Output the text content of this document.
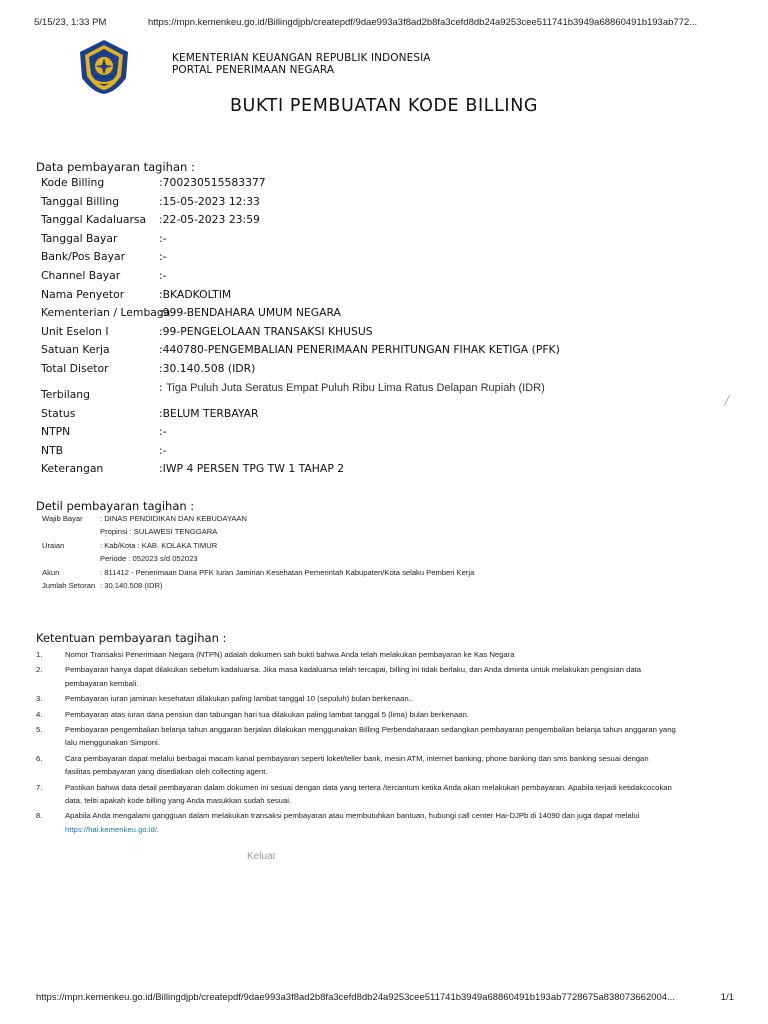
5/15/23, 1:33 PM	https://mpn.kemenkeu.go.id/Billingdjpb/createpdf/9dae993a3f8ad2b8fa3cefd8db24a9253cee511741b3949a68860491b193ab772...
KEMENTERIAN KEUANGAN REPUBLIK INDONESIA
PORTAL PENERIMAAN NEGARA
BUKTI PEMBUATAN KODE BILLING
Data pembayaran tagihan :
Kode Billing	:700230515583377
Tanggal Billing	:15-05-2023 12:33
Tanggal Kadaluarsa :22-05-2023 23:59
Tanggal Bayar	:-
Bank/Pos Bayar	:-
Channel Bayar	:-
Nama Penyetor	:BKADKOLTIM
Kementerian / Lembaga
:999-BENDAHARA UMUM NEGARA
Unit Eselon I	:99-PENGELOLAAN TRANSAKSI KHUSUS
Satuan Kerja	:440780-PENGEMBALIAN PENERIMAAN PERHITUNGAN FIHAK KETIGA (PFK)
Total Disetor	:30.140.508 (IDR)
Terbilang
: Tiga Puluh Juta Seratus Empat Puluh Ribu Lima Ratus Delapan Rupiah (IDR)
╱
Status	:BELUM TERBAYAR
NTPN	:-
NTB	:-
Keterangan	:IWP 4 PERSEN TPG TW 1 TAHAP 2
Detil pembayaran tagihan :
Wajib Bayar : DINAS PENDIDIKAN DAN KEBUDAYAAN
Propinsi : SULAWESI TENGGARA
Uraian	: Kab/Kota : KAB. KOLAKA TIMUR
Periode : 052023 s/d 052023
Akun	: 811412 - Penerimaan Dana PFK Iuran Jaminan Kesehatan Pemerintah Kabupaten/Kota selaku Pemberi Kerja
Jumlah Setoran : 30.140.508 (IDR)
Ketentuan pembayaran tagihan :
1.	Nomor Transaksi Penerimaan Negara (NTPN) adalah dokumen sah bukti bahwa Anda telah melakukan pembayaran ke Kas Negara
2.	Pembayaran hanya dapat dilakukan sebelum kadaluarsa. Jika masa kadaluarsa telah tercapai, billing ini tidak berlaku, dan Anda diminta untuk melakukan pengisian data pembayaran kembali.
3.	Pembayaran iuran jaminan kesehatan dilakukan paling lambat tanggal 10 (sepuluh) bulan berkenaan..
4.	Pembayaran atas iuran dana pensiun dan tabungan hari tua dilakukan paling lambat tanggal 5 (lima) bulan berkenaan.
5.	Pembayaran pengembalian belanja tahun anggaran berjalan dilakukan menggunakan Billing Perbendaharaan sedangkan pembayaran pengembalian belanja tahun anggaran yang lalu menggunakan Simponi.
6.	Cara pembayaran dapat melalui berbagai macam kanal pembayaran seperti loket/teller bank, mesin ATM, internet banking, phone banking dan sms banking sesuai dengan fasilitas pembayaran yang disediakan oleh collecting agent.
7.	Pastikan bahwa data detail pembayaran dalam dokumen ini sesuai dengan data yang tertera /tercantum ketika Anda akan melakukan pembayaran. Apabila terjadi ketidakcocokan data, teliti apakah kode billing yang Anda masukkan sudah sesuai.
8.	Apabila Anda mengalami gangguan dalam melakukan transaksi pembayaran atau membutuhkan bantuan, hubungi call center Hai-DJPb di 14090 dan juga dapat melalui https://hai.kemenkeu.go.id/.
Keluar
https://mpn.kemenkeu.go.id/Billingdjpb/createpdf/9dae993a3f8ad2b8fa3cefd8db24a9253cee511741b3949a68860491b193ab7728675a838073662004...	1/1
